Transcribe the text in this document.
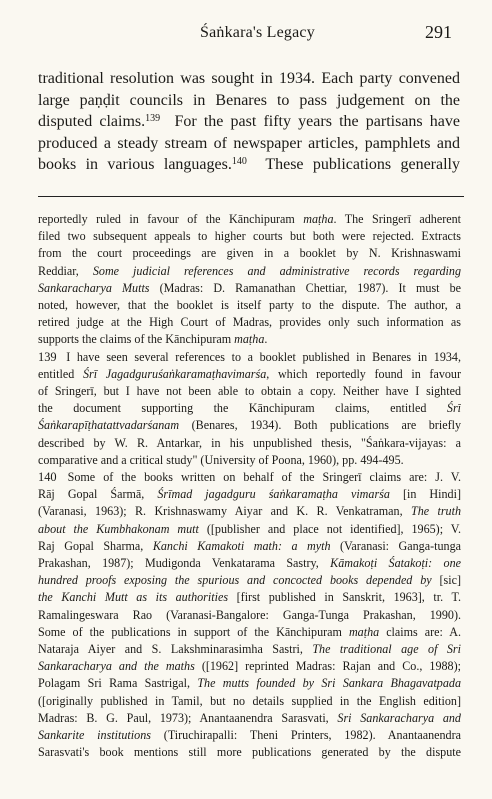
Śaṅkara's Legacy	291
traditional resolution was sought in 1934. Each party convened
large paṇḍit councils in Benares to pass judgement on the
disputed claims.$^{139}$ For the past fifty years the partisans have
produced a steady stream of newspaper articles, pamphlets and
books in various languages.$^{140}$ These publications generally
reportedly ruled in favour of the Kānchipuram maṭha. The Sringerī adherent
filed two subsequent appeals to higher courts but both were rejected. Extracts
from the court proceedings are given in a booklet by N. Krishnaswami
Reddiar, Some judicial references and administrative records regarding
Sankaracharya Mutts (Madras: D. Ramanathan Chettiar, 1987). It must be
noted, however, that the booklet is itself party to the dispute. The author, a
retired judge at the High Court of Madras, provides only such information as
supports the claims of the Kānchipuram maṭha.
139 I have seen several references to a booklet published in Benares in 1934,
entitled Śrī Jagadguruśaṅkaramaṭhavimarśa, which reportedly found in favour
of Sringerī, but I have not been able to obtain a copy. Neither have I sighted
the document supporting the Kānchipuram claims, entitled Śrī
Śaṅkarapīṭhatattvadarśanam (Benares, 1934). Both publications are briefly
described by W. R. Antarkar, in his unpublished thesis, "Śaṅkara-vijayas: a
comparative and a critical study" (University of Poona, 1960), pp. 494-495.
140 Some of the books written on behalf of the Sringerī claims are: J. V.
Rāj Gopal Śarmā, Śrīmad jagadguru śaṅkaramaṭha vimarśa [in Hindi]
(Varanasi, 1963); R. Krishnaswamy Aiyar and K. R. Venkatraman, The truth
about the Kumbhakonam mutt ([publisher and place not identified], 1965); V.
Raj Gopal Sharma, Kanchi Kamakoti math: a myth (Varanasi: Ganga-tunga
Prakashan, 1987); Mudigonda Venkatarama Sastry, Kāmakoṭi Śatakoṭi: one
hundred proofs exposing the spurious and concocted books depended by [sic]
the Kanchi Mutt as its authorities [first published in Sanskrit, 1963], tr. T.
Ramalingeswara Rao (Varanasi-Bangalore: Ganga-Tunga Prakashan, 1990).
Some of the publications in support of the Kānchipuram maṭha claims are: A.
Nataraja Aiyer and S. Lakshminarasimha Sastri, The traditional age of Sri
Sankaracharya and the maths ([1962] reprinted Madras: Rajan and Co., 1988);
Polagam Sri Rama Sastrigal, The mutts founded by Sri Sankara Bhagavatpada
([originally published in Tamil, but no details supplied in the English edition]
Madras: B. G. Paul, 1973); Anantaanendra Sarasvati, Sri Sankaracharya and
Sankarite institutions (Tiruchirapalli: Theni Printers, 1982). Anantaanendra
Sarasvati's book mentions still more publications generated by the dispute
